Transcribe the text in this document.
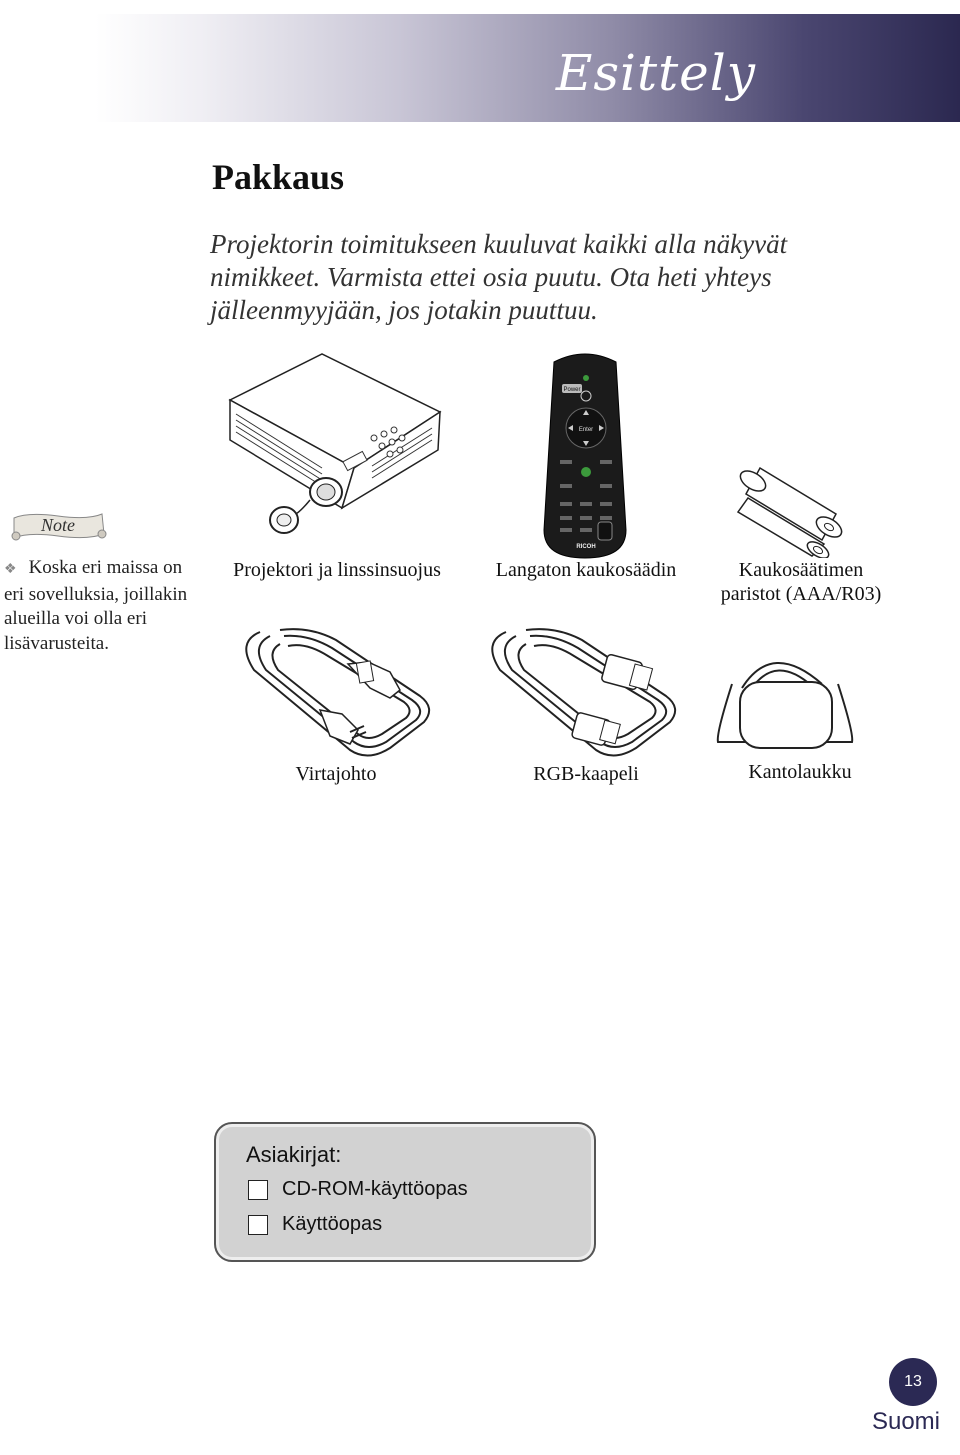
Esittely
Pakkaus
Projektorin toimitukseen kuuluvat kaikki alla näkyvät
nimikkeet. Varmista ettei osia puutu. Ota heti yhteys
jälleenmyyjään, jos jotakin puuttuu.
Note
❖ Koska eri maissa on
eri sovelluksia, joillakin
alueilla voi olla eri
lisävarusteita.
Power
Enter
RICOH
Projektori ja linssinsuojus	Langaton kaukosäädin	Kaukosäätimen
paristot (AAA/R03)
Virtajohto	RGB-kaapeli	Kantolaukku
Asiakirjat:
CD-ROM-käyttöopas
Käyttöopas
13
Suomi
